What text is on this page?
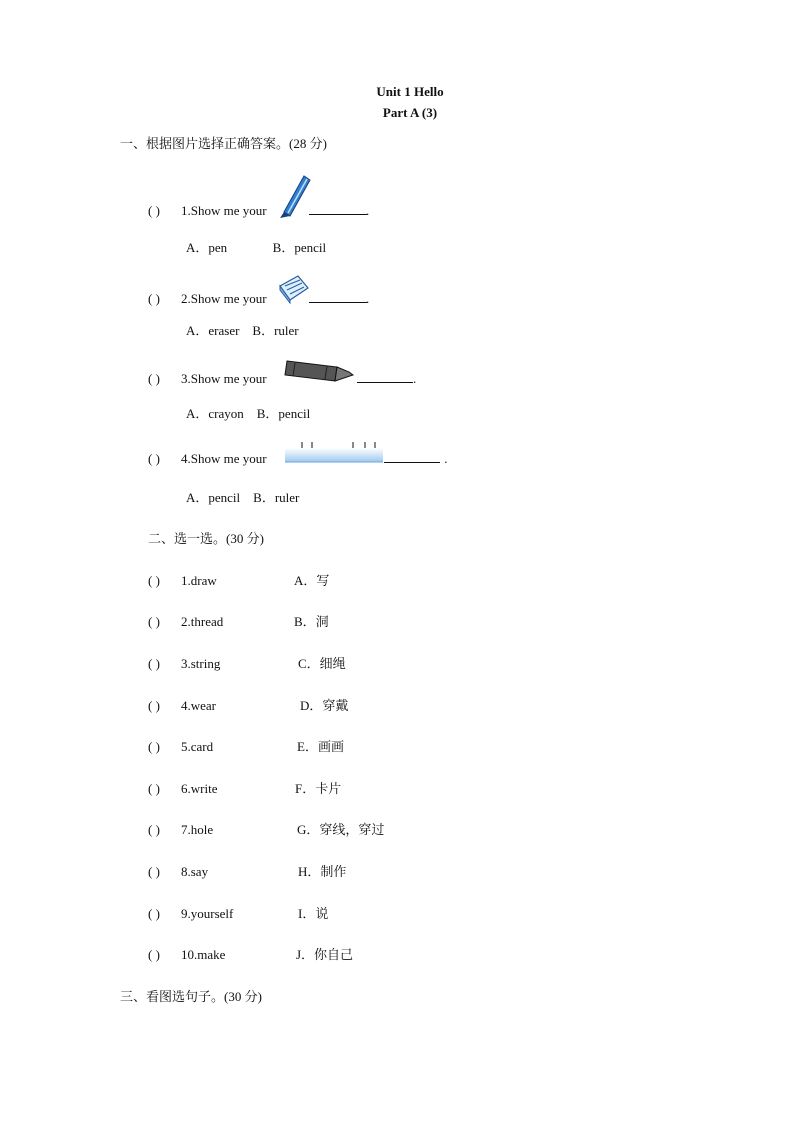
Unit 1 Hello
Part A (3)
一、根据图片选择正确答案。(28 分)
( ) 1.Show me your	.
A．pen              B．pencil
( ) 2.Show me your	.
A．eraser    B．ruler
( ) 3.Show me your	.
A．crayon    B．pencil
( ) 4.Show me your	.
A．pencil    B．ruler
二、选一选。(30 分)
( ) 1.draw	A．写
( ) 2.thread	B．洞
( ) 3.string	C．细绳
( ) 4.wear	D．穿戴
( ) 5.card	E．画画
( ) 6.write	F．卡片
( ) 7.hole	G．穿线，穿过
( ) 8.say	H．制作
( ) 9.yourself	I．说
( ) 10.make	J．你自己
三、看图选句子。(30 分)
